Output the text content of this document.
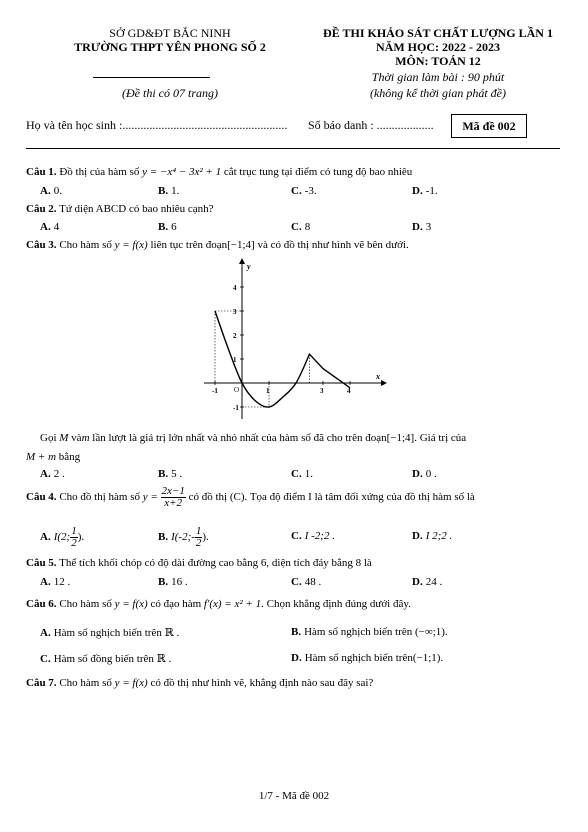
SỞ GD&ĐT BẮC NINH
TRƯỜNG THPT YÊN PHONG SỐ 2
(Đề thi có 07 trang)
ĐỀ THI KHẢO SÁT CHẤT LƯỢNG LẦN 1
NĂM HỌC: 2022 - 2023
MÔN: TOÁN 12
Thời gian làm bài : 90 phút
(không kể thời gian phát đề)
Họ và tên học sinh :....................................................... Số báo danh : ...................	Mã đề 002
Câu 1. Đồ thị của hàm số y = −x⁴ − 3x² + 1 cắt trục tung tại điểm có tung độ bao nhiêu
A. 0.	B. 1.	C. -3.	D. -1.
Câu 2. Tứ diện ABCD có bao nhiêu cạnh?
A. 4	B. 6	C. 8	D. 3
Câu 3. Cho hàm số y = f(x) liên tục trên đoạn[−1;4] và có đồ thị như hình vẽ bên dưới.
x
y
O
-1	1	3	4
4
3
2
1
-1
Gọi M vàm lần lượt là giá trị lớn nhất và nhỏ nhất của hàm số đã cho trên đoạn[−1;4]. Giá trị của
M + m bằng
A. 2 .	B. 5 .	C. 1.	D. 0 .
Câu 4. Cho đồ thị hàm số $y = \frac{2x-1}{x+2}$ có đồ thị (C). Tọa độ điểm I là tâm đối xứng của đồ thị hàm số là
A. I(2; $\frac{1}{2}$ ).	B. I(-2;- $\frac{1}{2}$ ).	C. I -2;2 .	D. I 2;2 .
Câu 5. Thể tích khối chóp có độ dài đường cao bằng 6, diện tích đáy bằng 8 là
A. 12 .	B. 16 .	C. 48 .	D. 24 .
Câu 6. Cho hàm số y = f(x) có đạo hàm f′(x) = x² + 1. Chọn khẳng định đúng dưới đây.
A. Hàm số nghịch biến trên ℝ .	B. Hàm số nghịch biến trên (−∞;1).
C. Hàm số đồng biến trên ℝ .	D. Hàm số nghịch biến trên(−1;1).
Câu 7. Cho hàm số y = f(x) có đồ thị như hình vẽ, khẳng định nào sau đây sai?
1/7 - Mã đề 002
